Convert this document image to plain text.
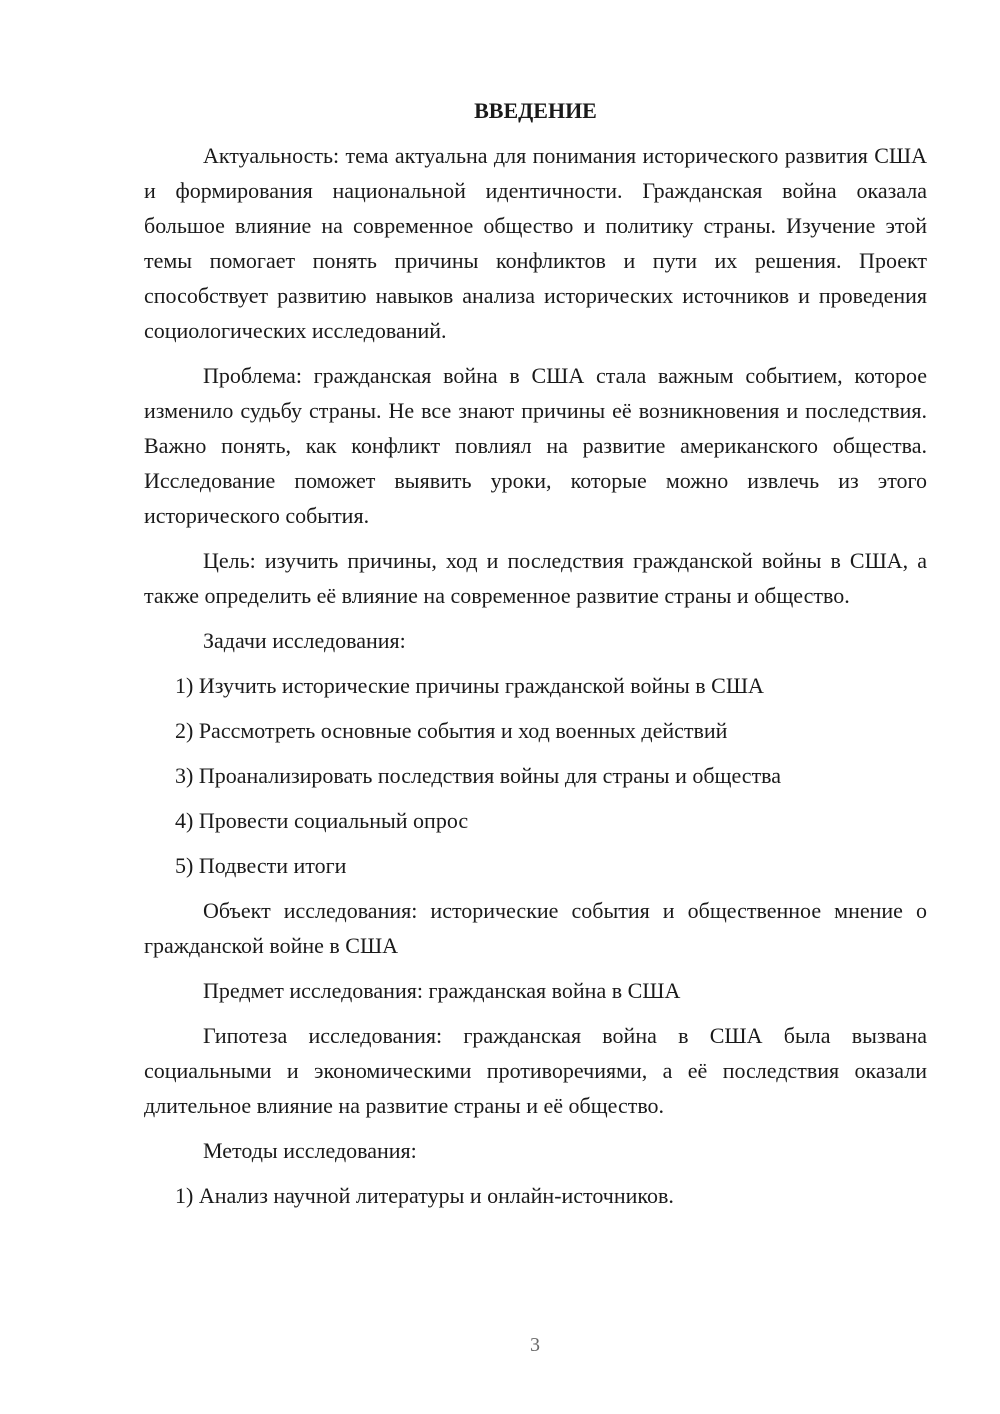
ВВЕДЕНИЕ

Актуальность: тема актуальна для понимания исторического развития США и формирования национальной идентичности. Гражданская война оказала большое влияние на современное общество и политику страны. Изучение этой темы помогает понять причины конфликтов и пути их решения. Проект способствует развитию навыков анализа исторических источников и проведения социологических исследований.

Проблема: гражданская война в США стала важным событием, которое изменило судьбу страны. Не все знают причины её возникновения и последствия. Важно понять, как конфликт повлиял на развитие американского общества. Исследование поможет выявить уроки, которые можно извлечь из этого исторического события.

Цель: изучить причины, ход и последствия гражданской войны в США, а также определить её влияние на современное развитие страны и общество.

Задачи исследования:

1) Изучить исторические причины гражданской войны в США
2) Рассмотреть основные события и ход военных действий
3) Проанализировать последствия войны для страны и общества
4) Провести социальный опрос
5) Подвести итоги

Объект исследования: исторические события и общественное мнение о гражданской войне в США

Предмет исследования: гражданская война в США

Гипотеза исследования: гражданская война в США была вызвана социальными и экономическими противоречиями, а её последствия оказали длительное влияние на развитие страны и её общество.

Методы исследования:

1) Анализ научной литературы и онлайн-источников.
3
